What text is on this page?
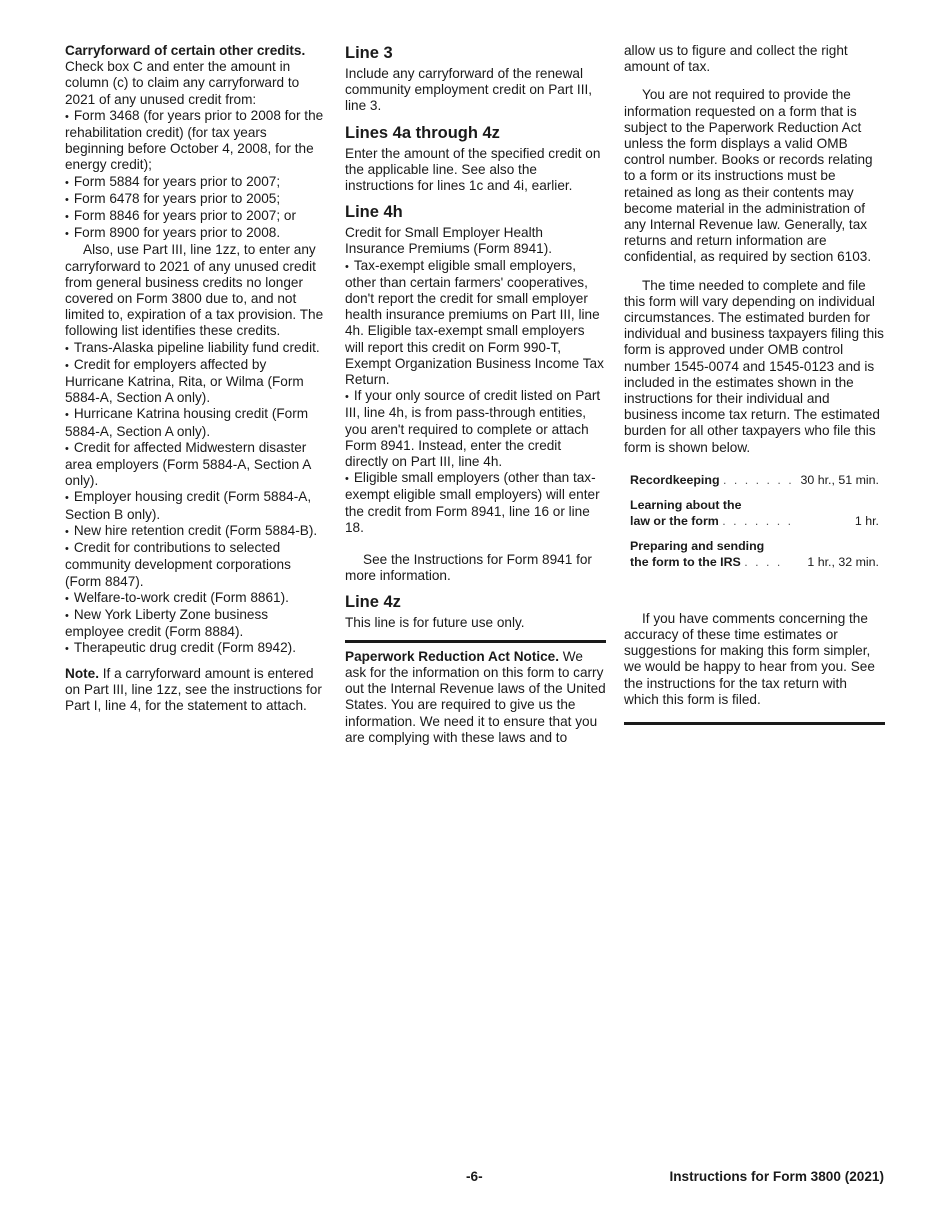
Carryforward of certain other credits. Check box C and enter the amount in column (c) to claim any carryforward to 2021 of any unused credit from:

• Form 3468 (for years prior to 2008 for the rehabilitation credit) (for tax years beginning before October 4, 2008, for the energy credit);

• Form 5884 for years prior to 2007;

• Form 6478 for years prior to 2005;

• Form 8846 for years prior to 2007; or

• Form 8900 for years prior to 2008.

Also, use Part III, line 1zz, to enter any carryforward to 2021 of any unused credit from general business credits no longer covered on Form 3800 due to, and not limited to, expiration of a tax provision. The following list identifies these credits.

• Trans-Alaska pipeline liability fund credit.

• Credit for employers affected by Hurricane Katrina, Rita, or Wilma (Form 5884-A, Section A only).

• Hurricane Katrina housing credit (Form 5884-A, Section A only).

• Credit for affected Midwestern disaster area employers (Form 5884-A, Section A only).

• Employer housing credit (Form 5884-A, Section B only).

• New hire retention credit (Form 5884-B).

• Credit for contributions to selected community development corporations (Form 8847).

• Welfare-to-work credit (Form 8861).

• New York Liberty Zone business employee credit (Form 8884).

• Therapeutic drug credit (Form 8942).

Note. If a carryforward amount is entered on Part III, line 1zz, see the instructions for Part I, line 4, for the statement to attach.

Line 3

Include any carryforward of the renewal community employment credit on Part III, line 3.

Lines 4a through 4z

Enter the amount of the specified credit on the applicable line. See also the instructions for lines 1c and 4i, earlier.

Line 4h

Credit for Small Employer Health Insurance Premiums (Form 8941).

• Tax-exempt eligible small employers, other than certain farmers' cooperatives, don't report the credit for small employer health insurance premiums on Part III, line 4h. Eligible tax-exempt small employers will report this credit on Form 990-T, Exempt Organization Business Income Tax Return.

• If your only source of credit listed on Part III, line 4h, is from pass-through entities, you aren't required to complete or attach Form 8941. Instead, enter the credit directly on Part III, line 4h.

• Eligible small employers (other than tax-exempt eligible small employers) will enter the credit from Form 8941, line 16 or line 18.

See the Instructions for Form 8941 for more information.

Line 4z

This line is for future use only.

Paperwork Reduction Act Notice. We ask for the information on this form to carry out the Internal Revenue laws of the United States. You are required to give us the information. We need it to ensure that you are complying with these laws and to

allow us to figure and collect the right amount of tax.

You are not required to provide the information requested on a form that is subject to the Paperwork Reduction Act unless the form displays a valid OMB control number. Books or records relating to a form or its instructions must be retained as long as their contents may become material in the administration of any Internal Revenue law. Generally, tax returns and return information are confidential, as required by section 6103.

The time needed to complete and file this form will vary depending on individual circumstances. The estimated burden for individual and business taxpayers filing this form is approved under OMB control number 1545-0074 and 1545-0123 and is included in the estimates shown in the instructions for their individual and business income tax return. The estimated burden for all other taxpayers who file this form is shown below.

Recordkeeping . . . . . . .	30 hr., 51 min.
Learning about the
law or the form . . . . . . .	1 hr.
Preparing and sending
the form to the IRS . . . .	1 hr., 32 min.

If you have comments concerning the accuracy of these time estimates or suggestions for making this form simpler, we would be happy to hear from you. See the instructions for the tax return with which this form is filed.

-6-	Instructions for Form 3800 (2021)
